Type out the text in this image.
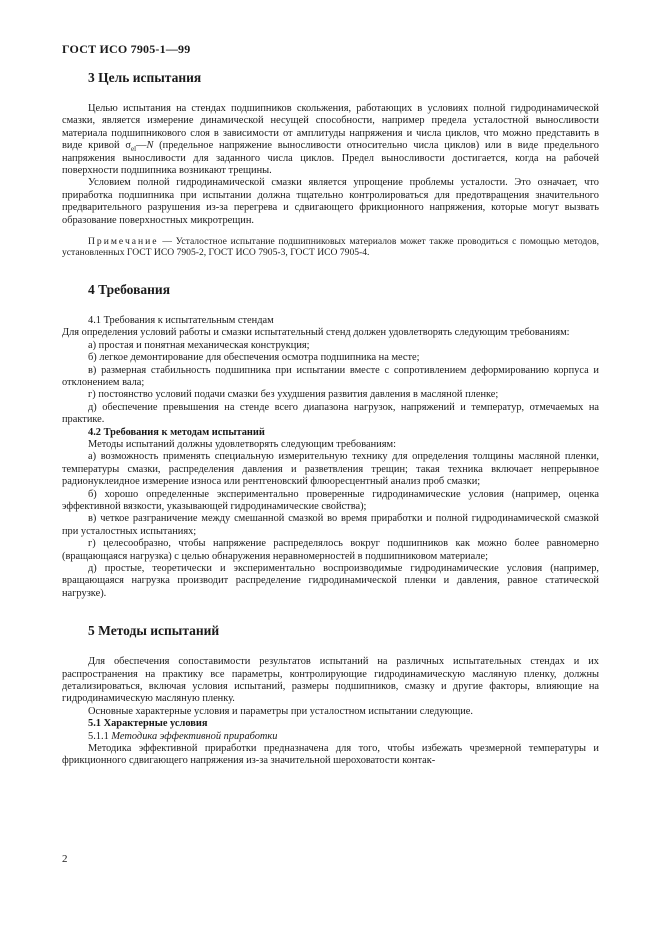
ГОСТ ИСО 7905-1—99
3 Цель испытания

Целью испытания на стендах подшипников скольжения, работающих в условиях полной гидродинамической смазки, является измерение динамической несущей способности, например предела усталостной выносливости материала подшипникового слоя в зависимости от амплитуды напряжения и числа циклов, что можно представить в виде кривой $\sigma_{el}—N$ (предельное напряжение выносливости относительно числа циклов) или в виде предельного напряжения выносливости для заданного числа циклов. Предел выносливости достигается, когда на рабочей поверхности подшипника возникают трещины.

Условием полной гидродинамической смазки является упрощение проблемы усталости. Это означает, что приработка подшипника при испытании должна тщательно контролироваться для предотвращения значительного предварительного разрушения из-за перегрева и сдвигающего фрикционного напряжения, которые могут вызвать образование поверхностных микротрещин.

Примечание — Усталостное испытание подшипниковых материалов может также проводиться с помощью методов, установленных ГОСТ ИСО 7905-2, ГОСТ ИСО 7905-3, ГОСТ ИСО 7905-4.

4 Требования

4.1 Требования к испытательным стендам

Для определения условий работы и смазки испытательный стенд должен удовлетворять следующим требованиям:

а) простая и понятная механическая конструкция;

б) легкое демонтирование для обеспечения осмотра подшипника на месте;

в) размерная стабильность подшипника при испытании вместе с сопротивлением деформированию корпуса и отклонением вала;

г) постоянство условий подачи смазки без ухудшения развития давления в масляной пленке;

д) обеспечение превышения на стенде всего диапазона нагрузок, напряжений и температур, отмечаемых на практике.

4.2 Требования к методам испытаний

Методы испытаний должны удовлетворять следующим требованиям:

а) возможность применять специальную измерительную технику для определения толщины масляной пленки, температуры смазки, распределения давления и разветвления трещин; такая техника включает непрерывное радионуклеидное измерение износа или рентгеновский флюоресцентный анализ проб смазки;

б) хорошо определенные экспериментально проверенные гидродинамические условия (например, оценка эффективной вязкости, указывающей гидродинамические свойства);

в) четкое разграничение между смешанной смазкой во время приработки и полной гидродинамической смазкой при усталостных испытаниях;

г) целесообразно, чтобы напряжение распределялось вокруг подшипников как можно более равномерно (вращающаяся нагрузка) с целью обнаружения неравномерностей в подшипниковом материале;

д) простые, теоретически и экспериментально воспроизводимые гидродинамические условия (например, вращающаяся нагрузка производит распределение гидродинамической пленки и давления, равное статической нагрузке).

5 Методы испытаний

Для обеспечения сопоставимости результатов испытаний на различных испытательных стендах и их распространения на практику все параметры, контролирующие гидродинамическую масляную пленку, должны детализироваться, включая условия испытаний, размеры подшипников, смазку и другие факторы, влияющие на гидродинамическую масляную пленку.

Основные характерные условия и параметры при усталостном испытании следующие.

5.1 Характерные условия

5.1.1 Методика эффективной приработки

Методика эффективной приработки предназначена для того, чтобы избежать чрезмерной температуры и фрикционного сдвигающего напряжения из-за значительной шероховатости контак-

2
